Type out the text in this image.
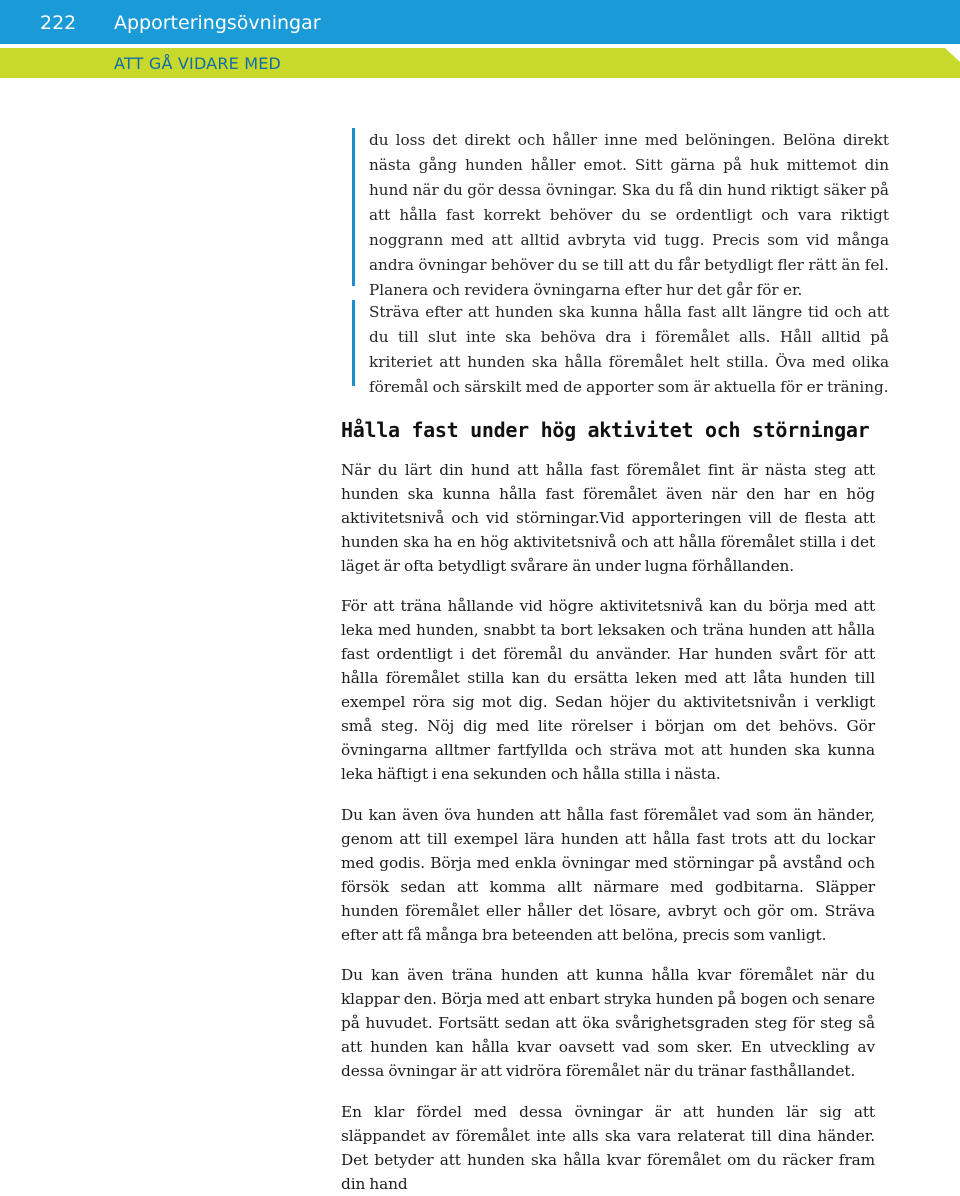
222 Apporteringsövningar
ATT GÅ VIDARE MED

du loss det direkt och håller inne med belöningen. Belöna direkt nästa gång hunden håller emot. Sitt gärna på huk mittemot din hund när du gör dessa övningar. Ska du få din hund riktigt säker på att hålla fast korrekt behöver du se ordentligt och vara riktigt noggrann med att alltid avbryta vid tugg. Precis som vid många andra övningar behöver du se till att du får betydligt fler rätt än fel. Planera och revidera övningarna efter hur det går för er.

Sträva efter att hunden ska kunna hålla fast allt längre tid och att du till slut inte ska behöva dra i föremålet alls. Håll alltid på kriteriet att hunden ska hålla föremålet helt stilla. Öva med olika föremål och särskilt med de apporter som är aktuella för er träning.

Hålla fast under hög aktivitet och störningar

När du lärt din hund att hålla fast föremålet fint är nästa steg att hunden ska kunna hålla fast föremålet även när den har en hög aktivitetsnivå och vid störningar.Vid apporteringen vill de flesta att hunden ska ha en hög aktivitetsnivå och att hålla föremålet stilla i det läget är ofta betydligt svårare än under lugna förhållanden.

För att träna hållande vid högre aktivitetsnivå kan du börja med att leka med hunden, snabbt ta bort leksaken och träna hunden att hålla fast ordentligt i det föremål du använder. Har hunden svårt för att hålla föremålet stilla kan du ersätta leken med att låta hunden till exempel röra sig mot dig. Sedan höjer du aktivitetsnivån i verkligt små steg. Nöj dig med lite rörelser i början om det behövs. Gör övningarna alltmer fartfyllda och sträva mot att hunden ska kunna leka häftigt i ena sekunden och hålla stilla i nästa.

Du kan även öva hunden att hålla fast föremålet vad som än händer, genom att till exempel lära hunden att hålla fast trots att du lockar med godis. Börja med enkla övningar med störningar på avstånd och försök sedan att komma allt närmare med godbitarna. Släpper hunden föremålet eller håller det lösare, avbryt och gör om. Sträva efter att få många bra beteenden att belöna, precis som vanligt.

Du kan även träna hunden att kunna hålla kvar föremålet när du klappar den. Börja med att enbart stryka hunden på bogen och senare på huvudet. Fortsätt sedan att öka svårighetsgraden steg för steg så att hunden kan hålla kvar oavsett vad som sker. En utveckling av dessa övningar är att vidröra föremålet när du tränar fasthållandet.

En klar fördel med dessa övningar är att hunden lär sig att släppandet av föremålet inte alls ska vara relaterat till dina händer. Det betyder att hunden ska hålla kvar föremålet om du räcker fram din hand
